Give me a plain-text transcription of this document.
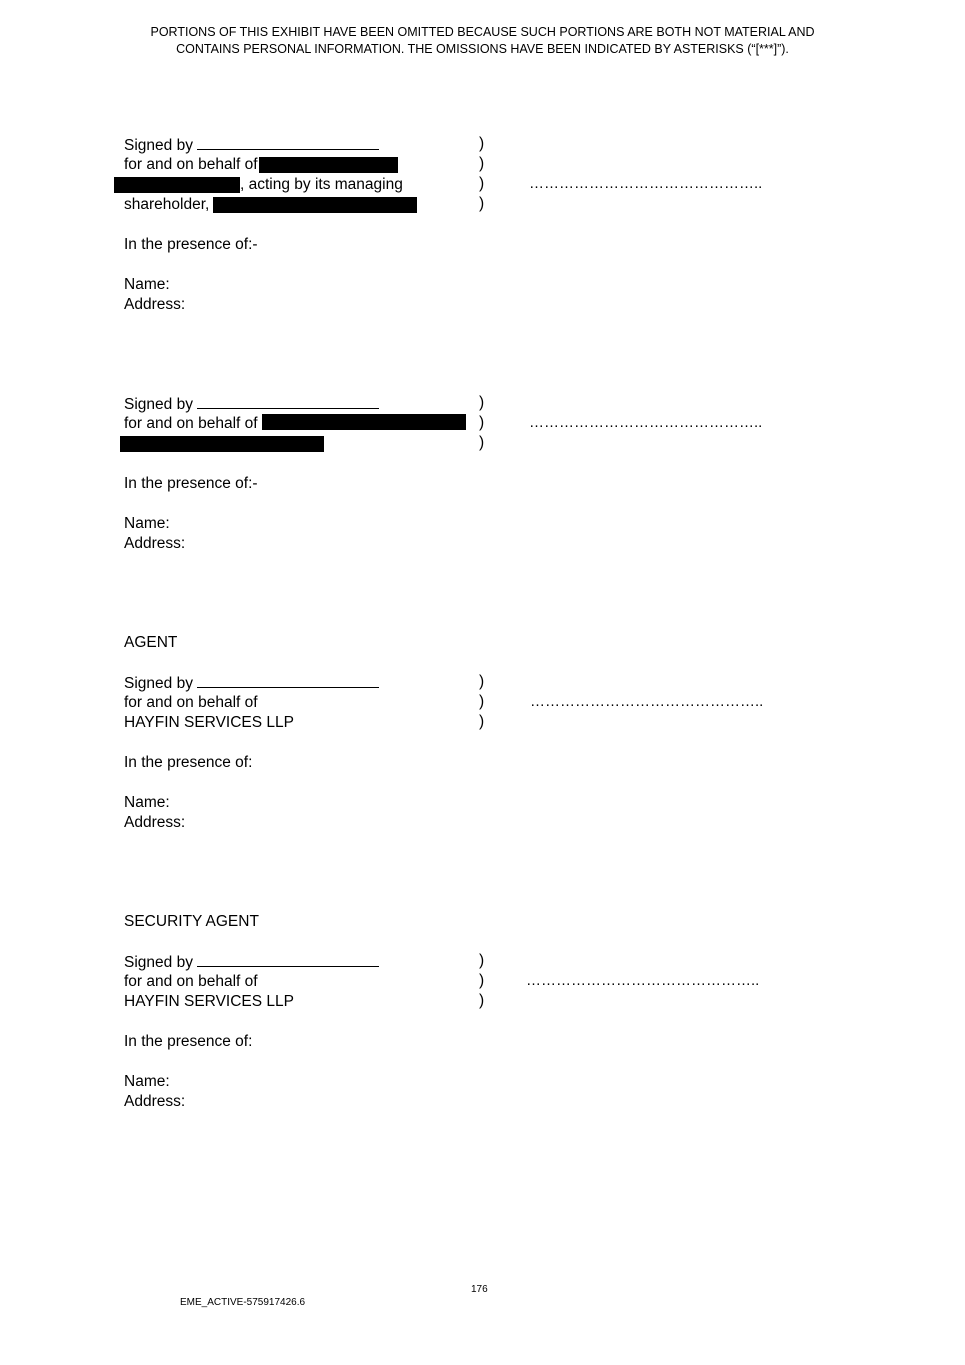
PORTIONS OF THIS EXHIBIT HAVE BEEN OMITTED BECAUSE SUCH PORTIONS ARE BOTH NOT MATERIAL AND
CONTAINS PERSONAL INFORMATION. THE OMISSIONS HAVE BEEN INDICATED BY ASTERISKS (“[***]”).
Signed by
for and on behalf of
, acting by its managing
shareholder,
)
)
)
)
………………………………………..
In the presence of:-
Name:
Address:
Signed by
for and on behalf of
)
)
)
………………………………………..
In the presence of:-
Name:
Address:
AGENT
Signed by
for and on behalf of
HAYFIN SERVICES LLP
)
)
)
………………………………………..
In the presence of:
Name:
Address:
SECURITY AGENT
Signed by
for and on behalf of
HAYFIN SERVICES LLP
)
)
)
………………………………………..
In the presence of:
Name:
Address:
176
EME_ACTIVE-575917426.6
